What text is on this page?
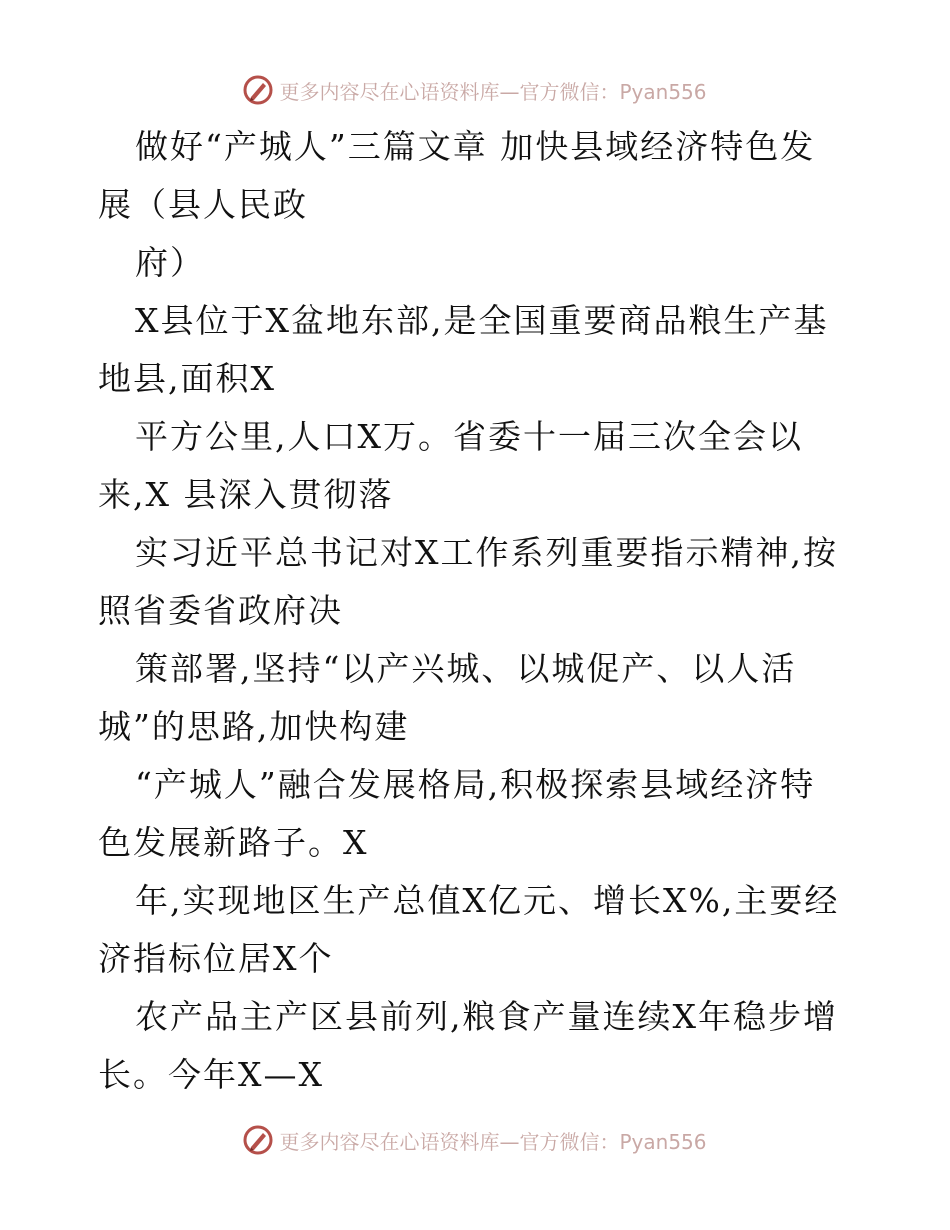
更多内容尽在心语资料库—官方微信：Pyan556
做好“产城人”三篇文章 加快县域经济特色发
展（县人民政
府）
X县位于X盆地东部,是全国重要商品粮生产基
地县,面积X
平方公里,人口X万。省委十一届三次全会以
来,X 县深入贯彻落
实习近平总书记对X工作系列重要指示精神,按
照省委省政府决
策部署,坚持“以产兴城、以城促产、以人活
城”的思路,加快构建
“产城人”融合发展格局,积极探索县域经济特
色发展新路子。X
年,实现地区生产总值X亿元、增长X%,主要经
济指标位居X个
农产品主产区县前列,粮食产量连续X年稳步增
长。今年X—X
更多内容尽在心语资料库—官方微信：Pyan556
